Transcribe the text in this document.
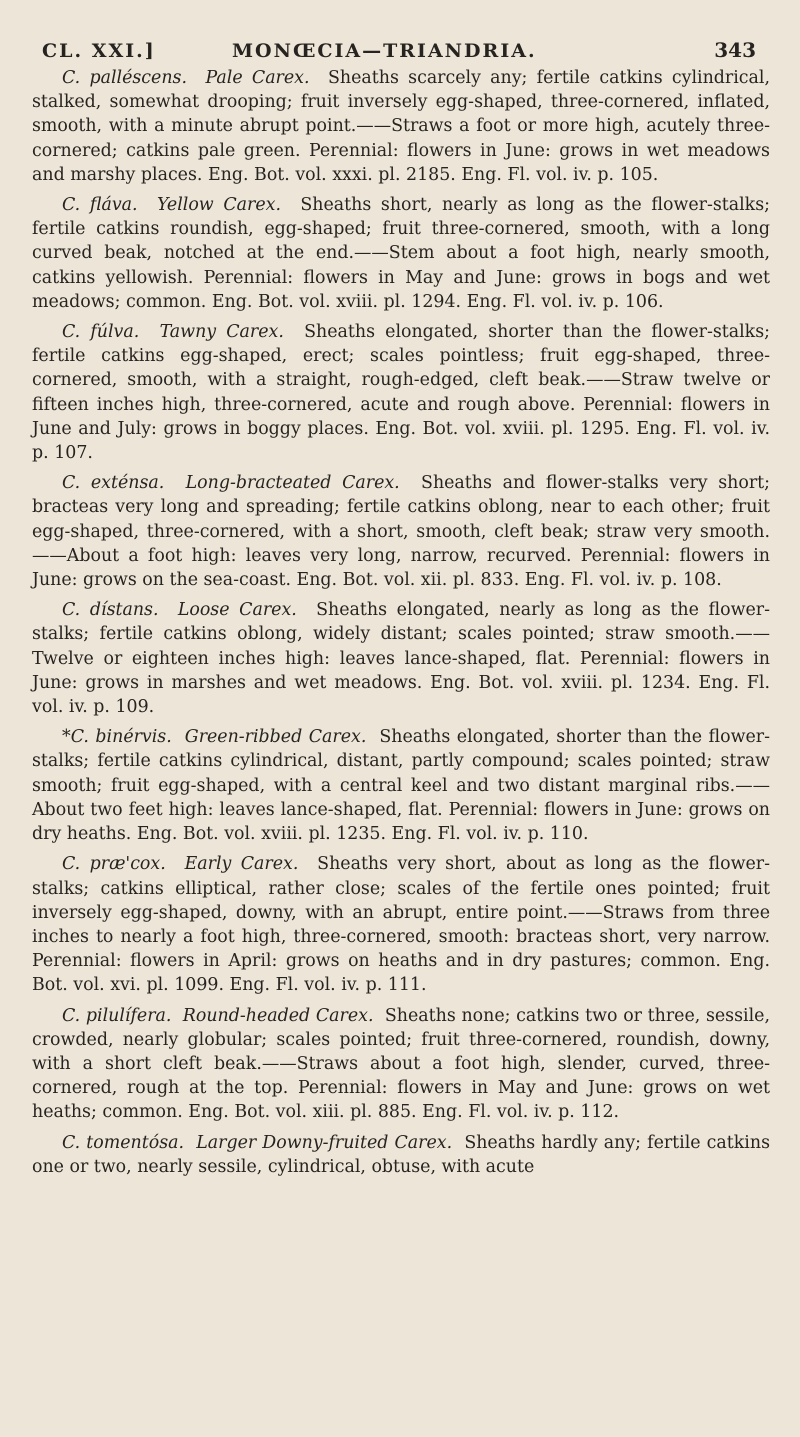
CL. XXI.]	MONŒCIA—TRIANDRIA.	343

C. palléscens. Pale Carex. Sheaths scarcely any; fertile catkins cylindrical, stalked, somewhat drooping; fruit inversely egg-shaped, three-cornered, inflated, smooth, with a minute abrupt point.——Straws a foot or more high, acutely three-cornered; catkins pale green. Perennial: flowers in June: grows in wet meadows and marshy places. Eng. Bot. vol. xxxi. pl. 2185. Eng. Fl. vol. iv. p. 105.

C. fláva. Yellow Carex. Sheaths short, nearly as long as the flower-stalks; fertile catkins roundish, egg-shaped; fruit three-cornered, smooth, with a long curved beak, notched at the end.——Stem about a foot high, nearly smooth, catkins yellowish. Perennial: flowers in May and June: grows in bogs and wet meadows; common. Eng. Bot. vol. xviii. pl. 1294. Eng. Fl. vol. iv. p. 106.

C. fúlva. Tawny Carex. Sheaths elongated, shorter than the flower-stalks; fertile catkins egg-shaped, erect; scales pointless; fruit egg-shaped, three-cornered, smooth, with a straight, rough-edged, cleft beak.——Straw twelve or fifteen inches high, three-cornered, acute and rough above. Perennial: flowers in June and July: grows in boggy places. Eng. Bot. vol. xviii. pl. 1295. Eng. Fl. vol. iv. p. 107.

C. exténsa. Long-bracteated Carex. Sheaths and flower-stalks very short; bracteas very long and spreading; fertile catkins oblong, near to each other; fruit egg-shaped, three-cornered, with a short, smooth, cleft beak; straw very smooth.——About a foot high: leaves very long, narrow, recurved. Perennial: flowers in June: grows on the sea-coast. Eng. Bot. vol. xii. pl. 833. Eng. Fl. vol. iv. p. 108.

C. dístans. Loose Carex. Sheaths elongated, nearly as long as the flower-stalks; fertile catkins oblong, widely distant; scales pointed; straw smooth.——Twelve or eighteen inches high: leaves lance-shaped, flat. Perennial: flowers in June: grows in marshes and wet meadows. Eng. Bot. vol. xviii. pl. 1234. Eng. Fl. vol. iv. p. 109.

*C. binérvis. Green-ribbed Carex. Sheaths elongated, shorter than the flower-stalks; fertile catkins cylindrical, distant, partly compound; scales pointed; straw smooth; fruit egg-shaped, with a central keel and two distant marginal ribs.——About two feet high: leaves lance-shaped, flat. Perennial: flowers in June: grows on dry heaths. Eng. Bot. vol. xviii. pl. 1235. Eng. Fl. vol. iv. p. 110.

C. præ'cox. Early Carex. Sheaths very short, about as long as the flower-stalks; catkins elliptical, rather close; scales of the fertile ones pointed; fruit inversely egg-shaped, downy, with an abrupt, entire point.——Straws from three inches to nearly a foot high, three-cornered, smooth: bracteas short, very narrow. Perennial: flowers in April: grows on heaths and in dry pastures; common. Eng. Bot. vol. xvi. pl. 1099. Eng. Fl. vol. iv. p. 111.

C. pilulífera. Round-headed Carex. Sheaths none; catkins two or three, sessile, crowded, nearly globular; scales pointed; fruit three-cornered, roundish, downy, with a short cleft beak.——Straws about a foot high, slender, curved, three-cornered, rough at the top. Perennial: flowers in May and June: grows on wet heaths; common. Eng. Bot. vol. xiii. pl. 885. Eng. Fl. vol. iv. p. 112.

C. tomentósa. Larger Downy-fruited Carex. Sheaths hardly any; fertile catkins one or two, nearly sessile, cylindrical, obtuse, with acute
